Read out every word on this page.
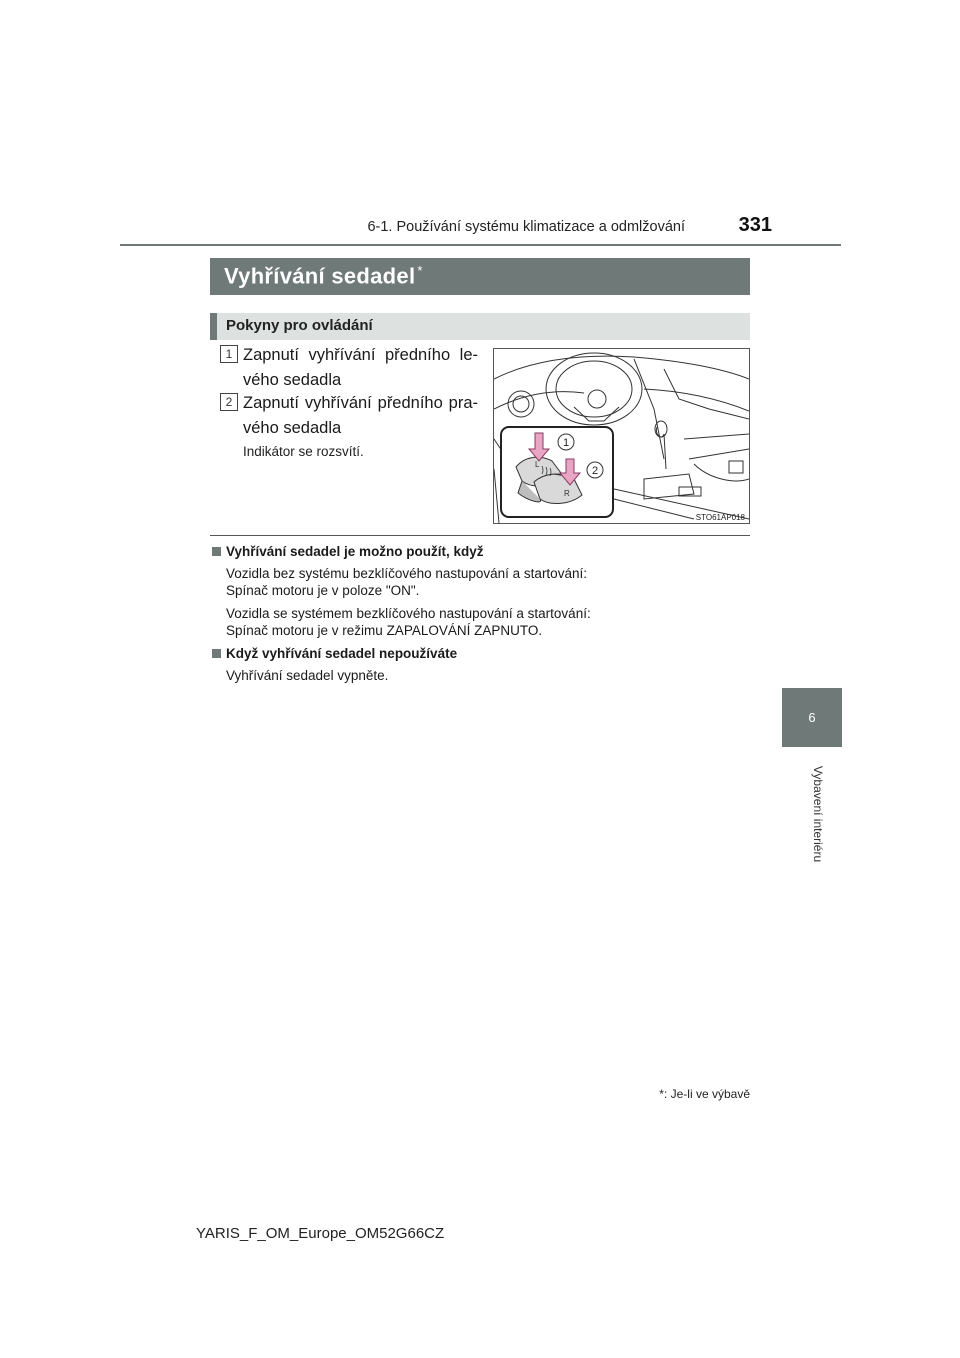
6-1. Používání systému klimatizace a odmlžování	331
6
Vybavení interiéru
Vyhřívání sedadel *
Pokyny pro ovládání
1 Zapnutí vyhřívání předního le-
vého sedadla
2 Zapnutí vyhřívání předního pra-
vého sedadla
Indikátor se rozsvítí.
L
R
1
2
STO61AP018
Vyhřívání sedadel je možno použít, když
Vozidla bez systému bezklíčového nastupování a startování:
Spínač motoru je v poloze "ON".
Vozidla se systémem bezklíčového nastupování a startování:
Spínač motoru je v režimu ZAPALOVÁNÍ ZAPNUTO.
Když vyhřívání sedadel nepoužíváte
Vyhřívání sedadel vypněte.
*: Je-li ve výbavě
YARIS_F_OM_Europe_OM52G66CZ
